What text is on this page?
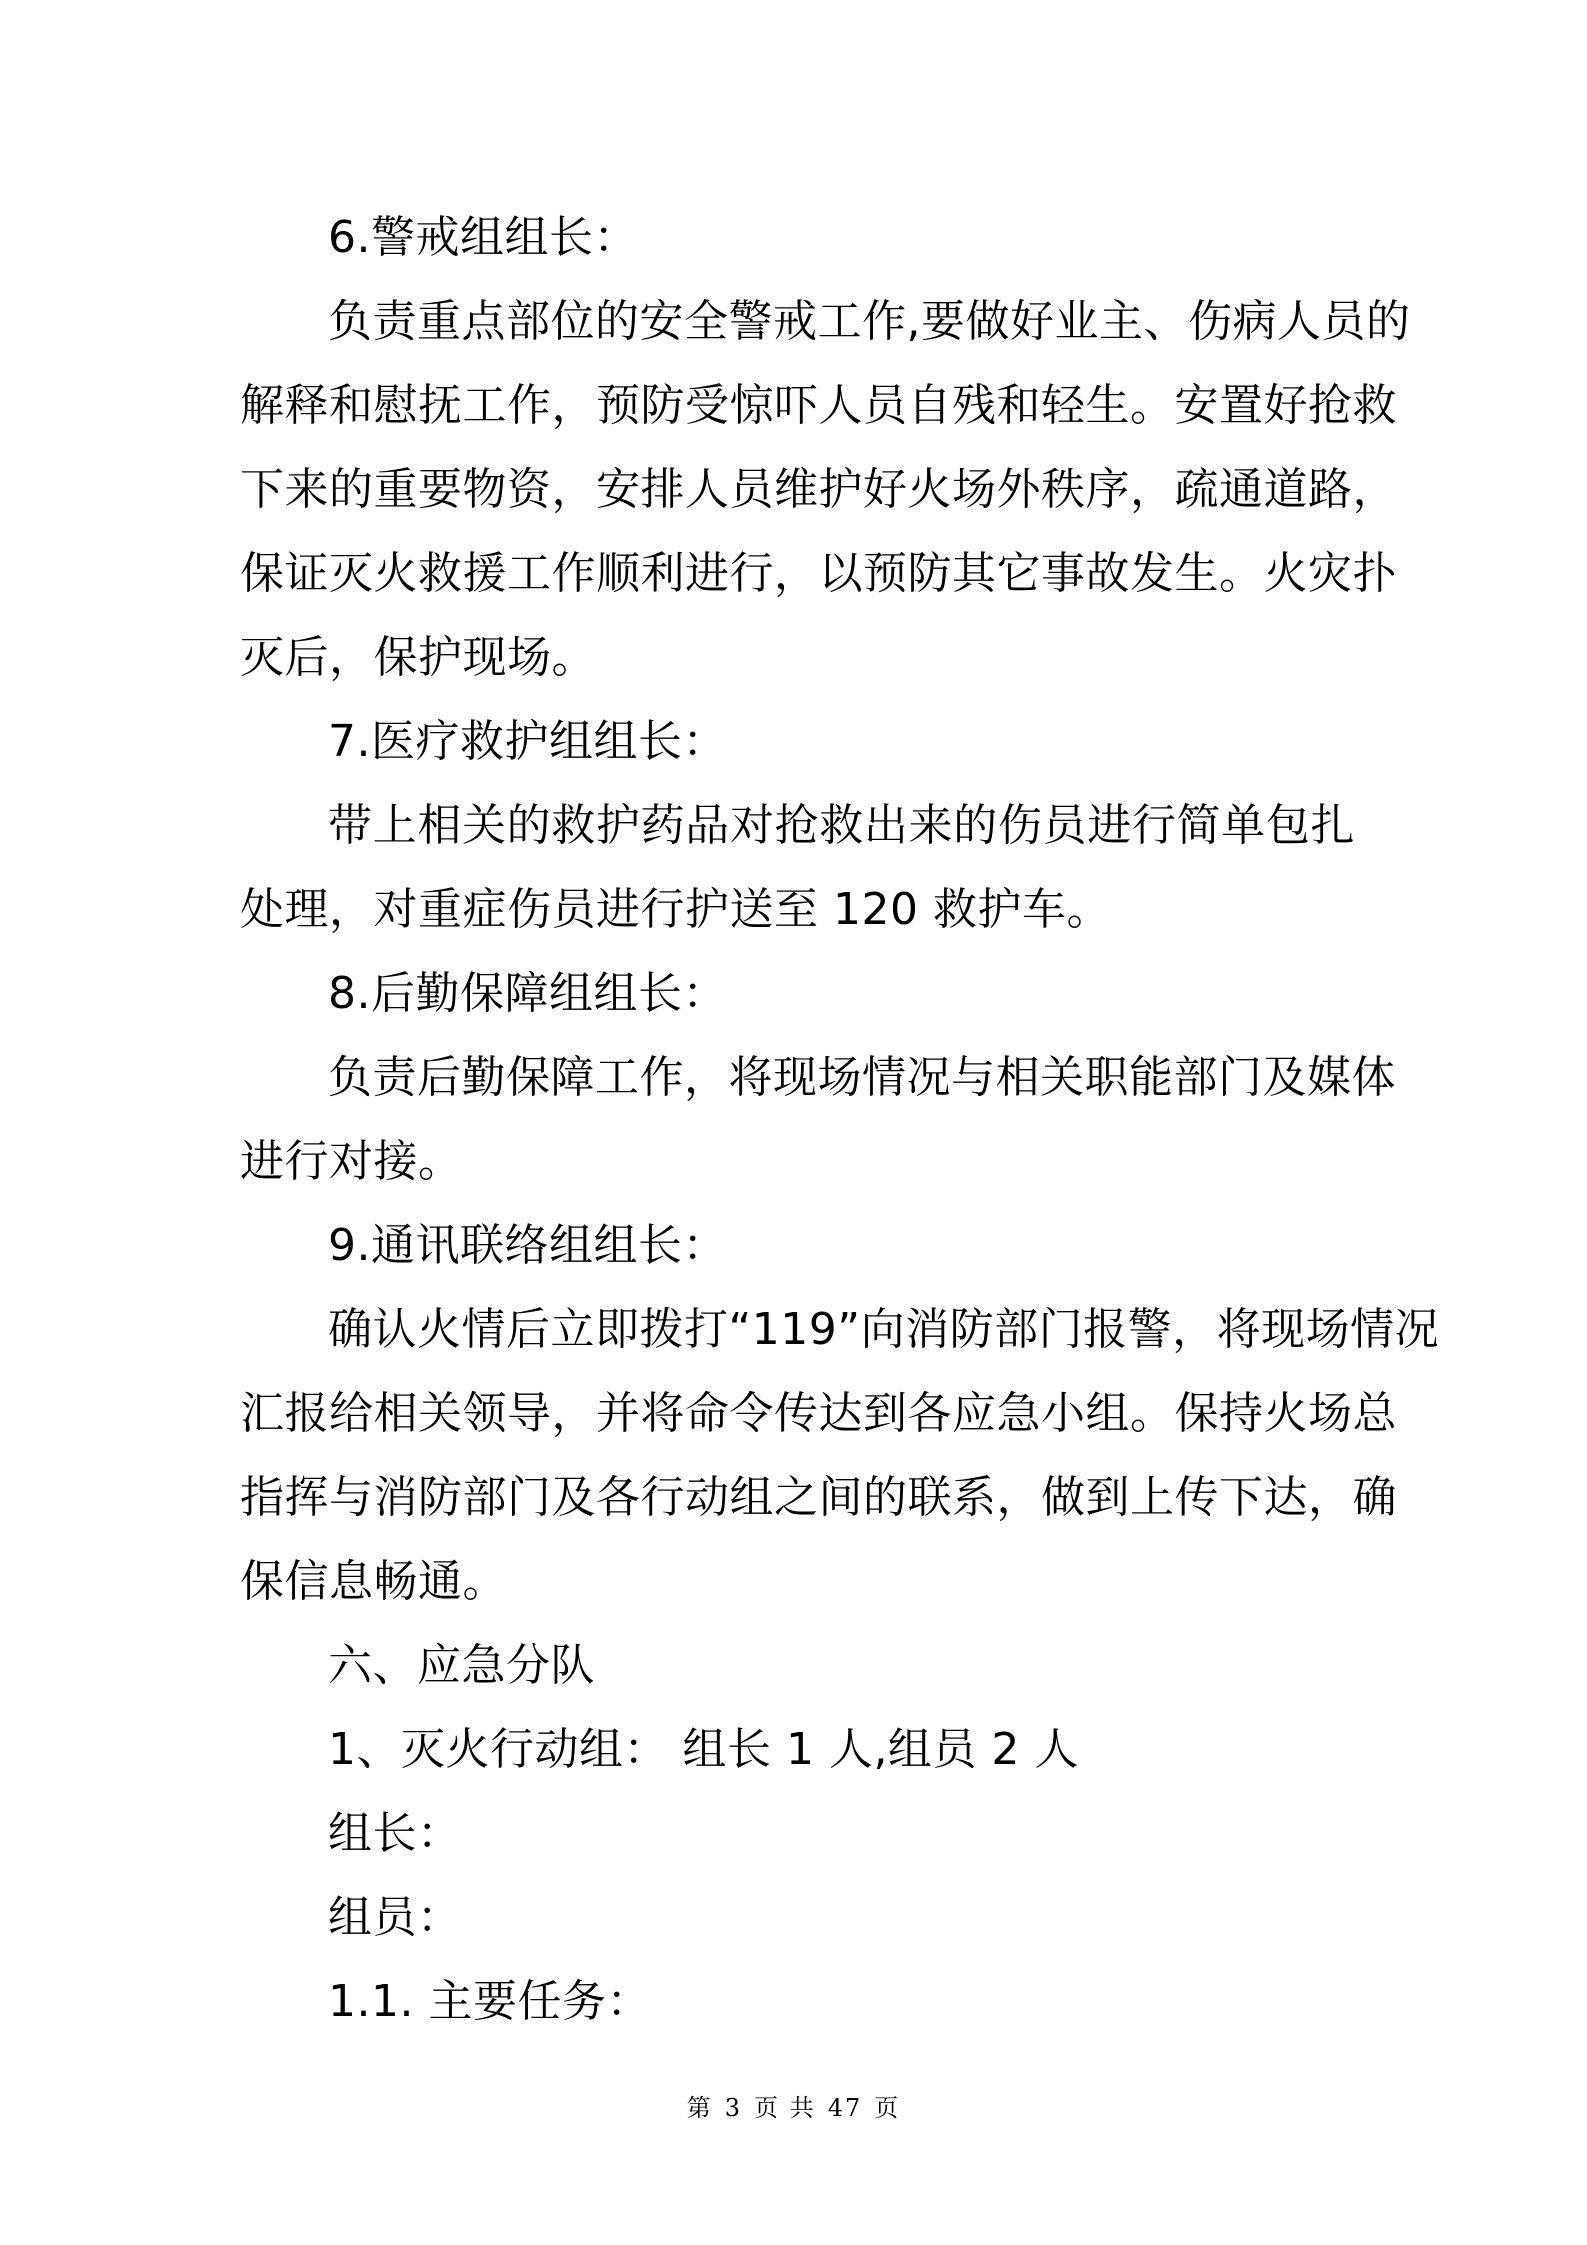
6.警戒组组长：

负责重点部位的安全警戒工作,要做好业主、伤病人员的

解释和慰抚工作，预防受惊吓人员自残和轻生。安置好抢救

下来的重要物资，安排人员维护好火场外秩序，疏通道路，

保证灭火救援工作顺利进行，以预防其它事故发生。火灾扑

灭后，保护现场。

7.医疗救护组组长：

带上相关的救护药品对抢救出来的伤员进行简单包扎

处理，对重症伤员进行护送至 120 救护车。

8.后勤保障组组长：

负责后勤保障工作，将现场情况与相关职能部门及媒体

进行对接。

9.通讯联络组组长：

确认火情后立即拨打“119”向消防部门报警，将现场情况

汇报给相关领导，并将命令传达到各应急小组。保持火场总

指挥与消防部门及各行动组之间的联系，做到上传下达，确

保信息畅通。

六、应急分队

1、灭火行动组： 组长 1 人,组员 2 人

组长：

组员：

1.1. 主要任务：

第 3 页 共 47 页
